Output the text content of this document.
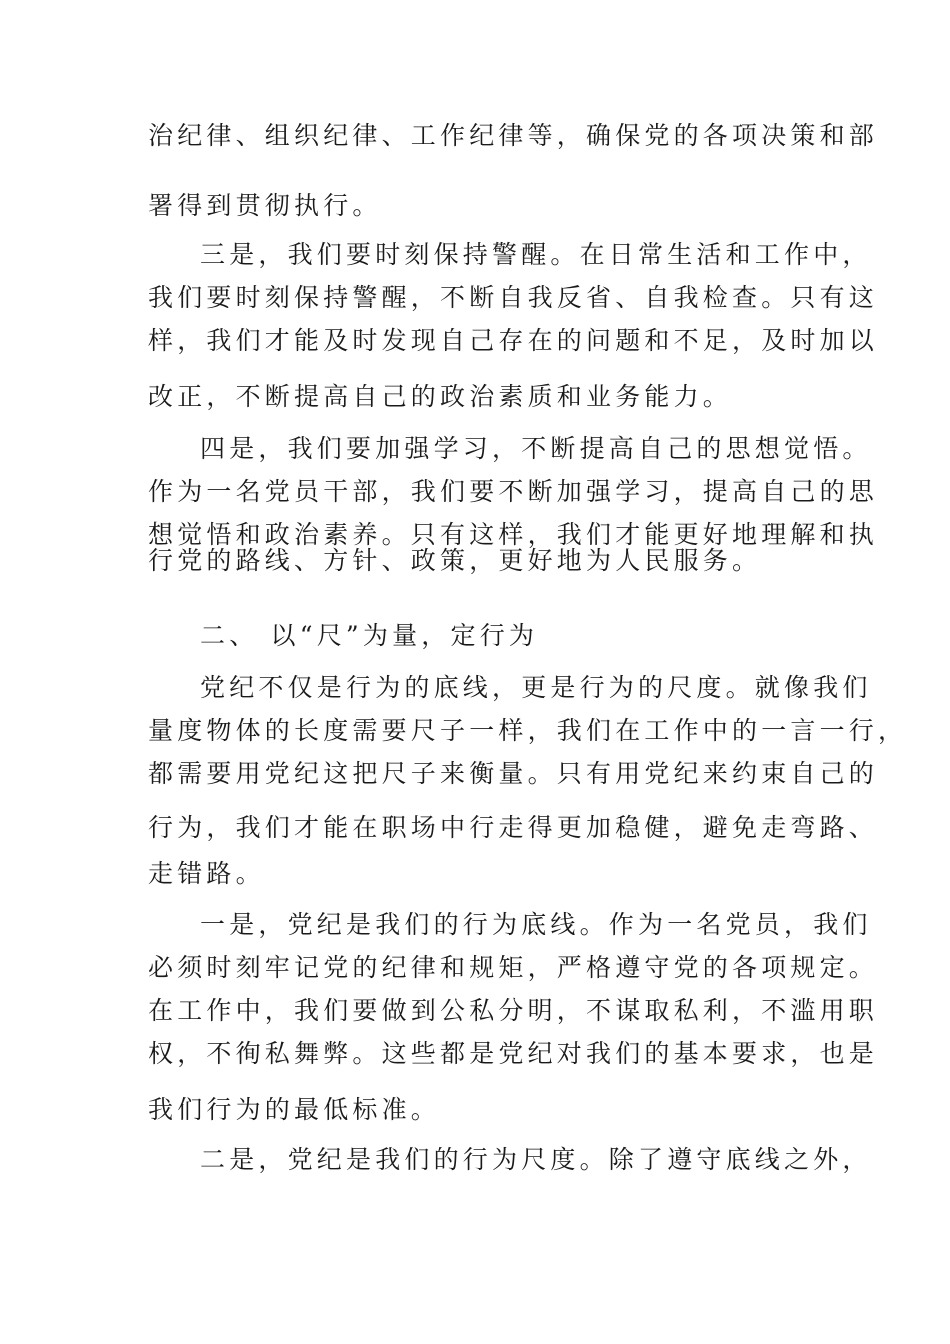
治纪律、组织纪律、工作纪律等，确保党的各项决策和部
署得到贯彻执行。
三是，我们要时刻保持警醒。在日常生活和工作中，
我们要时刻保持警醒，不断自我反省、自我检查。只有这
样，我们才能及时发现自己存在的问题和不足，及时加以
改正，不断提高自己的政治素质和业务能力。
四是，我们要加强学习，不断提高自己的思想觉悟。
作为一名党员干部，我们要不断加强学习，提高自己的思
想觉悟和政治素养。只有这样，我们才能更好地理解和执
行党的路线、方针、政策，更好地为人民服务。
二、 以“尺”为量，定行为
党纪不仅是行为的底线，更是行为的尺度。就像我们
量度物体的长度需要尺子一样，我们在工作中的一言一行，
都需要用党纪这把尺子来衡量。只有用党纪来约束自己的
行为，我们才能在职场中行走得更加稳健，避免走弯路、
走错路。
一是，党纪是我们的行为底线。作为一名党员，我们
必须时刻牢记党的纪律和规矩，严格遵守党的各项规定。
在工作中，我们要做到公私分明，不谋取私利，不滥用职
权，不徇私舞弊。这些都是党纪对我们的基本要求，也是
我们行为的最低标准。
二是，党纪是我们的行为尺度。除了遵守底线之外，
